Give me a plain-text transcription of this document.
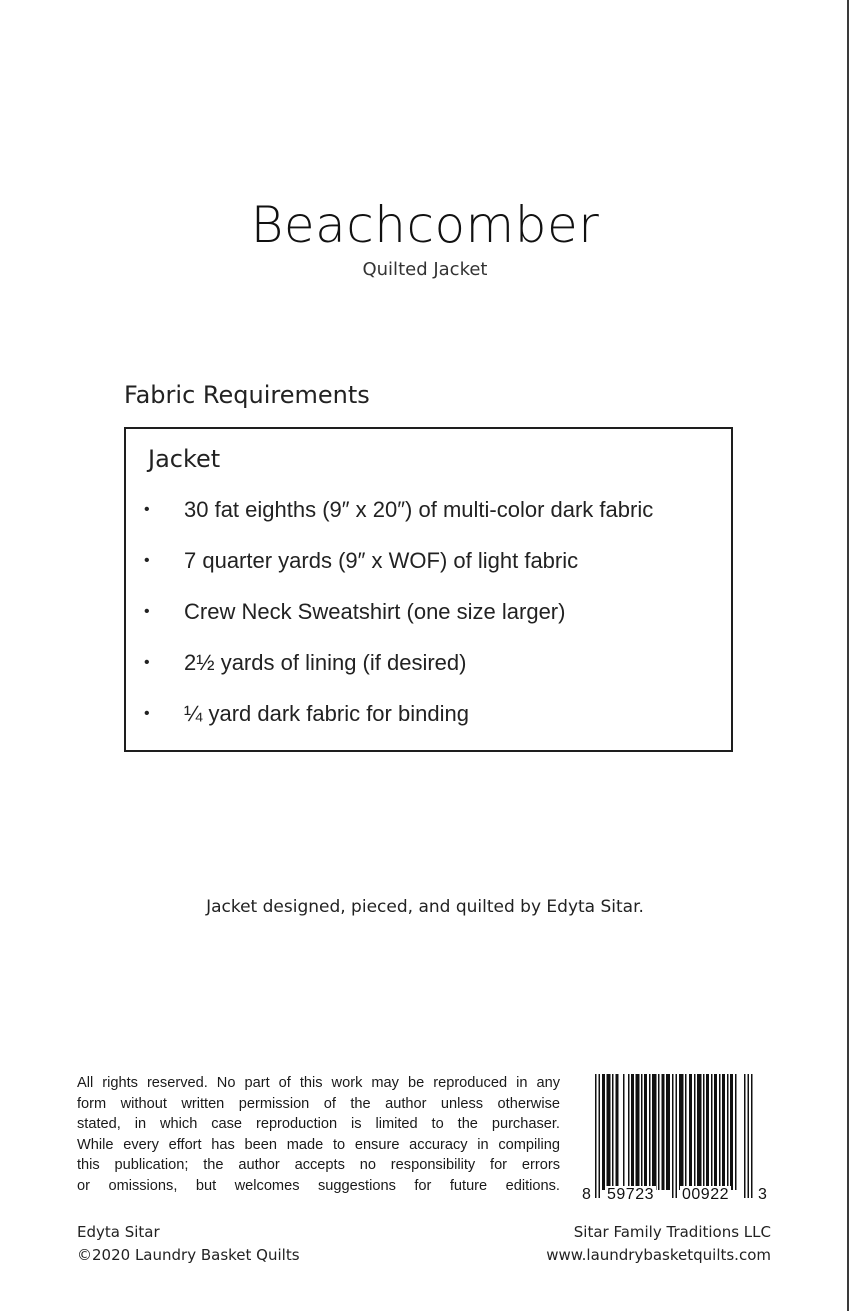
Beachcomber
Quilted Jacket
Fabric Requirements
Jacket
• 30 fat eighths (9″ x 20″) of multi-color dark fabric
• 7 quarter yards (9″ x WOF) of light fabric
• Crew Neck Sweatshirt (one size larger)
• 2½ yards of lining (if desired)
• ¼ yard dark fabric for binding
Jacket designed, pieced, and quilted by Edyta Sitar.
All rights reserved. No part of this work may be reproduced in any
form without written permission of the author unless otherwise
stated, in which case reproduction is limited to the purchaser.
While every effort has been made to ensure accuracy in compiling
this publication; the author accepts no responsibility for errors
or omissions, but welcomes suggestions for future editions.
8 59723 00922 3
Edyta Sitar
©2020 Laundry Basket Quilts
Sitar Family Traditions LLC
www.laundrybasketquilts.com
